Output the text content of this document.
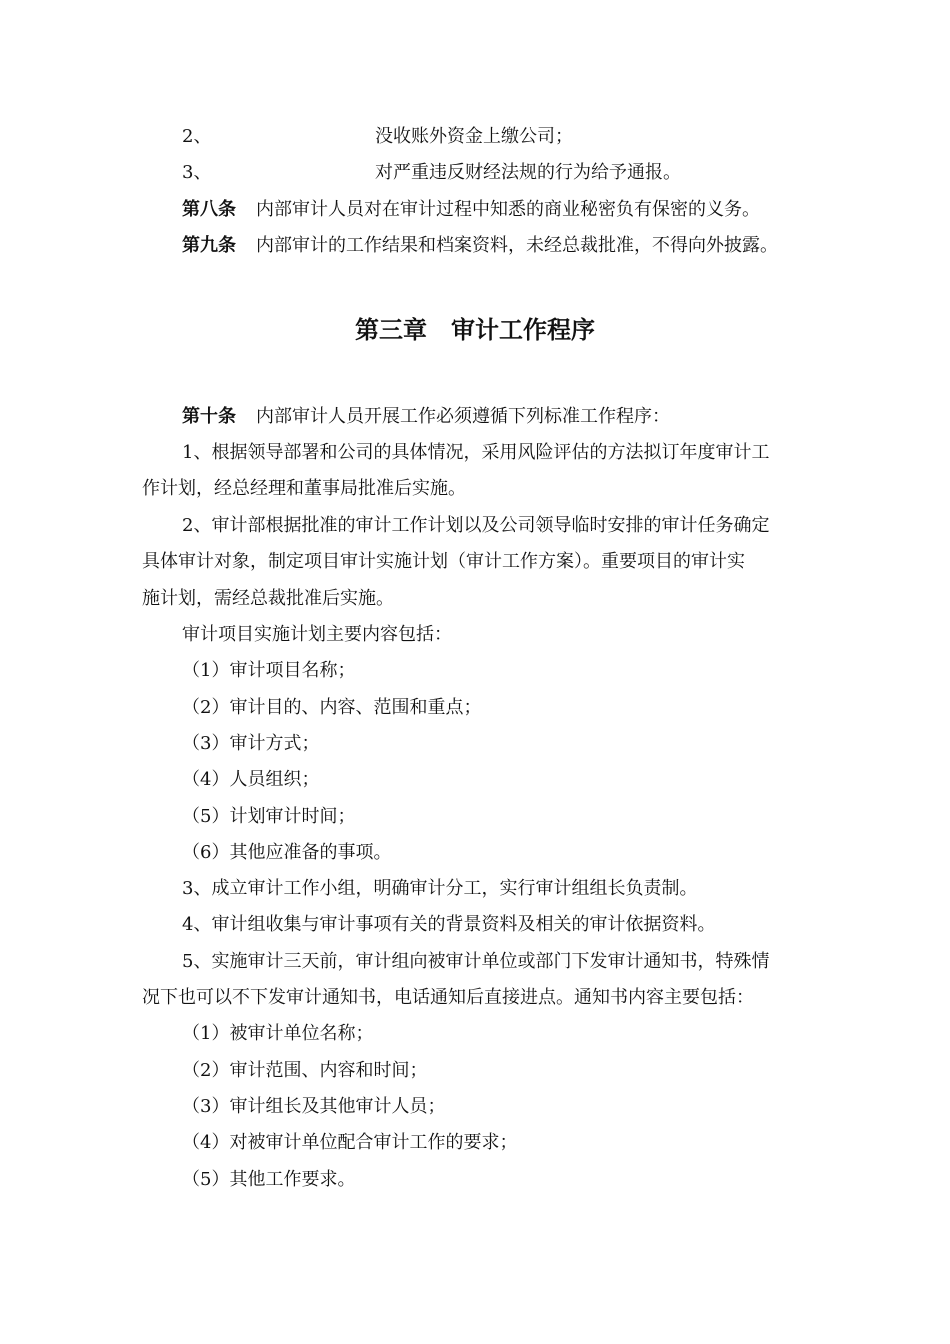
2、	没收账外资金上缴公司；
3、	对严重违反财经法规的行为给予通报。
第八条 内部审计人员对在审计过程中知悉的商业秘密负有保密的义务。
第九条 内部审计的工作结果和档案资料，未经总裁批准，不得向外披露。
第三章　审计工作程序
第十条 内部审计人员开展工作必须遵循下列标准工作程序：
1、根据领导部署和公司的具体情况，采用风险评估的方法拟订年度审计工
作计划，经总经理和董事局批准后实施。
2、审计部根据批准的审计工作计划以及公司领导临时安排的审计任务确定
具体审计对象，制定项目审计实施计划（审计工作方案）。重要项目的审计实
施计划，需经总裁批准后实施。
审计项目实施计划主要内容包括：
（1）审计项目名称；
（2）审计目的、内容、范围和重点；
（3）审计方式；
（4）人员组织；
（5）计划审计时间；
（6）其他应准备的事项。
3、成立审计工作小组，明确审计分工，实行审计组组长负责制。
4、审计组收集与审计事项有关的背景资料及相关的审计依据资料。
5、实施审计三天前，审计组向被审计单位或部门下发审计通知书，特殊情
况下也可以不下发审计通知书，电话通知后直接进点。通知书内容主要包括：
（1）被审计单位名称；
（2）审计范围、内容和时间；
（3）审计组长及其他审计人员；
（4）对被审计单位配合审计工作的要求；
（5）其他工作要求。
